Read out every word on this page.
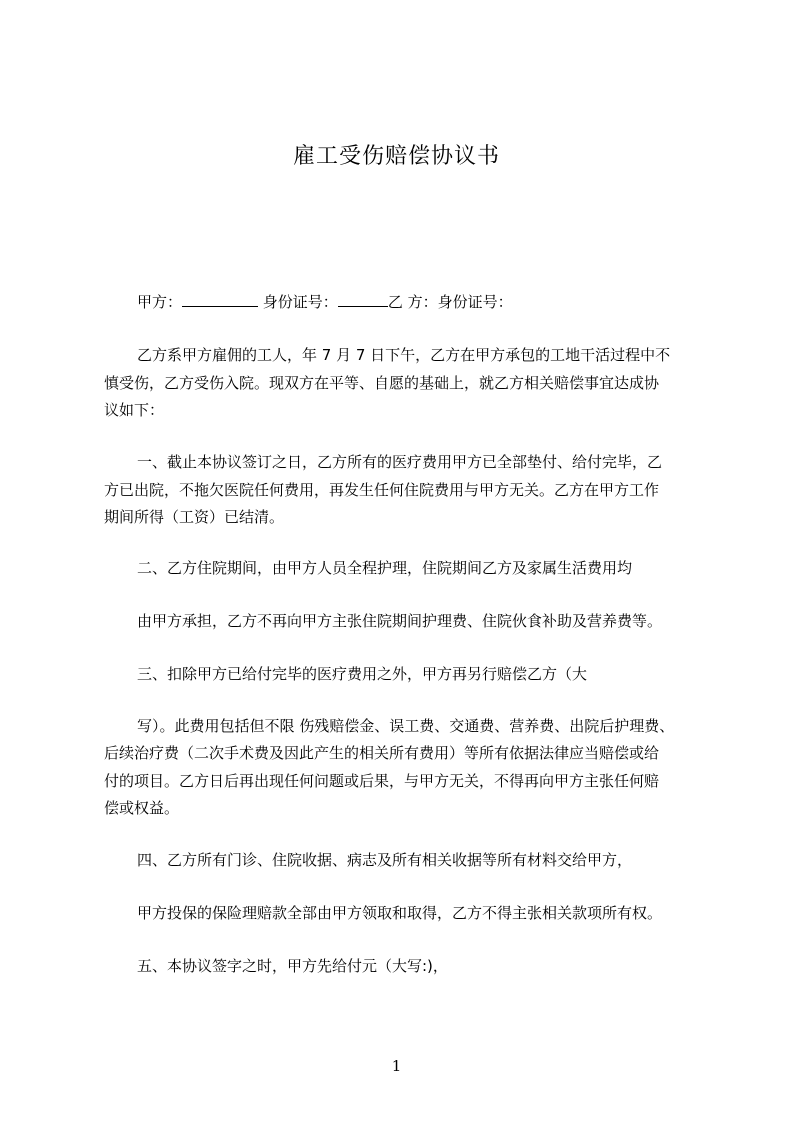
雇工受伤赔偿协议书
甲方：	身份证号：	乙 方：身份证号：
乙方系甲方雇佣的工人，年 7 月 7 日下午，乙方在甲方承包的工地干活过程中不
慎受伤，乙方受伤入院。现双方在平等、自愿的基础上，就乙方相关赔偿事宜达成协
议如下：
一、截止本协议签订之日，乙方所有的医疗费用甲方已全部垫付、给付完毕，乙
方已出院，不拖欠医院任何费用，再发生任何住院费用与甲方无关。乙方在甲方工作
期间所得（工资）已结清。
二、乙方住院期间，由甲方人员全程护理，住院期间乙方及家属生活费用均
由甲方承担，乙方不再向甲方主张住院期间护理费、住院伙食补助及营养费等。
三、扣除甲方已给付完毕的医疗费用之外，甲方再另行赔偿乙方（大
写）。此费用包括但不限 伤残赔偿金、误工费、交通费、营养费、出院后护理费、
后续治疗费（二次手术费及因此产生的相关所有费用）等所有依据法律应当赔偿或给
付的项目。乙方日后再出现任何问题或后果，与甲方无关，不得再向甲方主张任何赔
偿或权益。
四、乙方所有门诊、住院收据、病志及所有相关收据等所有材料交给甲方，
甲方投保的保险理赔款全部由甲方领取和取得，乙方不得主张相关款项所有权。
五、本协议签字之时，甲方先给付元（大写:)，
1
